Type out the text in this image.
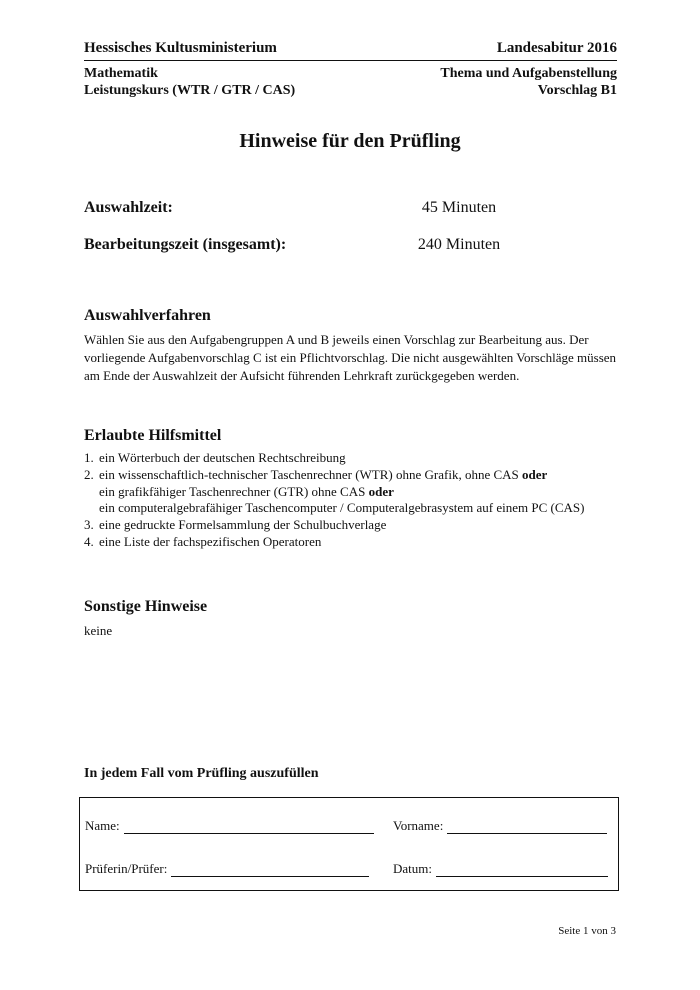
Hessisches Kultusministerium	Landesabitur 2016
Mathematik
Leistungskurs (WTR / GTR / CAS)
Thema und Aufgabenstellung
Vorschlag B1
Hinweise für den Prüfling
Auswahlzeit:	45 Minuten
Bearbeitungszeit (insgesamt):	240 Minuten
Auswahlverfahren
Wählen Sie aus den Aufgabengruppen A und B jeweils einen Vorschlag zur Bearbeitung aus. Der vorliegende Aufgabenvorschlag C ist ein Pflichtvorschlag. Die nicht ausgewählten Vorschläge müssen am Ende der Auswahlzeit der Aufsicht führenden Lehrkraft zurückgegeben werden.
Erlaubte Hilfsmittel
1. ein Wörterbuch der deutschen Rechtschreibung
2. ein wissenschaftlich-technischer Taschenrechner (WTR) ohne Grafik, ohne CAS oder
ein grafikfähiger Taschenrechner (GTR) ohne CAS oder
ein computeralgebrafähiger Taschencomputer / Computeralgebrasystem auf einem PC (CAS)
3. eine gedruckte Formelsammlung der Schulbuchverlage
4. eine Liste der fachspezifischen Operatoren
Sonstige Hinweise
keine
In jedem Fall vom Prüfling auszufüllen
Name:	Vorname:
Prüferin/Prüfer:	Datum:
Seite 1 von 3
